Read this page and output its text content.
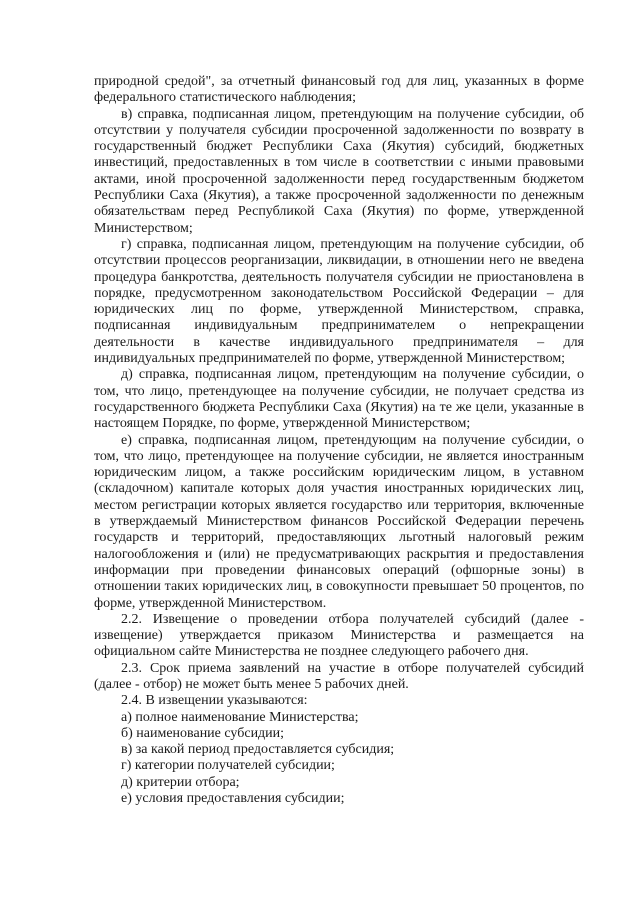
природной средой", за отчетный финансовый год для лиц, указанных в форме федерального статистического наблюдения;

в) справка, подписанная лицом, претендующим на получение субсидии, об отсутствии у получателя субсидии просроченной задолженности по возврату в государственный бюджет Республики Саха (Якутия) субсидий, бюджетных инвестиций, предоставленных в том числе в соответствии с иными правовыми актами, иной просроченной задолженности перед государственным бюджетом Республики Саха (Якутия), а также просроченной задолженности по денежным обязательствам перед Республикой Саха (Якутия) по форме, утвержденной Министерством;

г) справка, подписанная лицом, претендующим на получение субсидии, об отсутствии процессов реорганизации, ликвидации, в отношении него не введена процедура банкротства, деятельность получателя субсидии не приостановлена в порядке, предусмотренном законодательством Российской Федерации – для юридических лиц по форме, утвержденной Министерством, справка, подписанная индивидуальным предпринимателем о непрекращении деятельности в качестве индивидуального предпринимателя – для индивидуальных предпринимателей по форме, утвержденной Министерством;

д) справка, подписанная лицом, претендующим на получение субсидии, о том, что лицо, претендующее на получение субсидии, не получает средства из государственного бюджета Республики Саха (Якутия) на те же цели, указанные в настоящем Порядке, по форме, утвержденной Министерством;

е) справка, подписанная лицом, претендующим на получение субсидии, о том, что лицо, претендующее на получение субсидии, не является иностранным юридическим лицом, а также российским юридическим лицом, в уставном (складочном) капитале которых доля участия иностранных юридических лиц, местом регистрации которых является государство или территория, включенные в утверждаемый Министерством финансов Российской Федерации перечень государств и территорий, предоставляющих льготный налоговый режим налогообложения и (или) не предусматривающих раскрытия и предоставления информации при проведении финансовых операций (офшорные зоны) в отношении таких юридических лиц, в совокупности превышает 50 процентов, по форме, утвержденной Министерством.

2.2. Извещение о проведении отбора получателей субсидий (далее - извещение) утверждается приказом Министерства и размещается на официальном сайте Министерства не позднее следующего рабочего дня.

2.3. Срок приема заявлений на участие в отборе получателей субсидий (далее - отбор) не может быть менее 5 рабочих дней.

2.4. В извещении указываются:

а) полное наименование Министерства;

б) наименование субсидии;

в) за какой период предоставляется субсидия;

г) категории получателей субсидии;

д) критерии отбора;

е) условия предоставления субсидии;
